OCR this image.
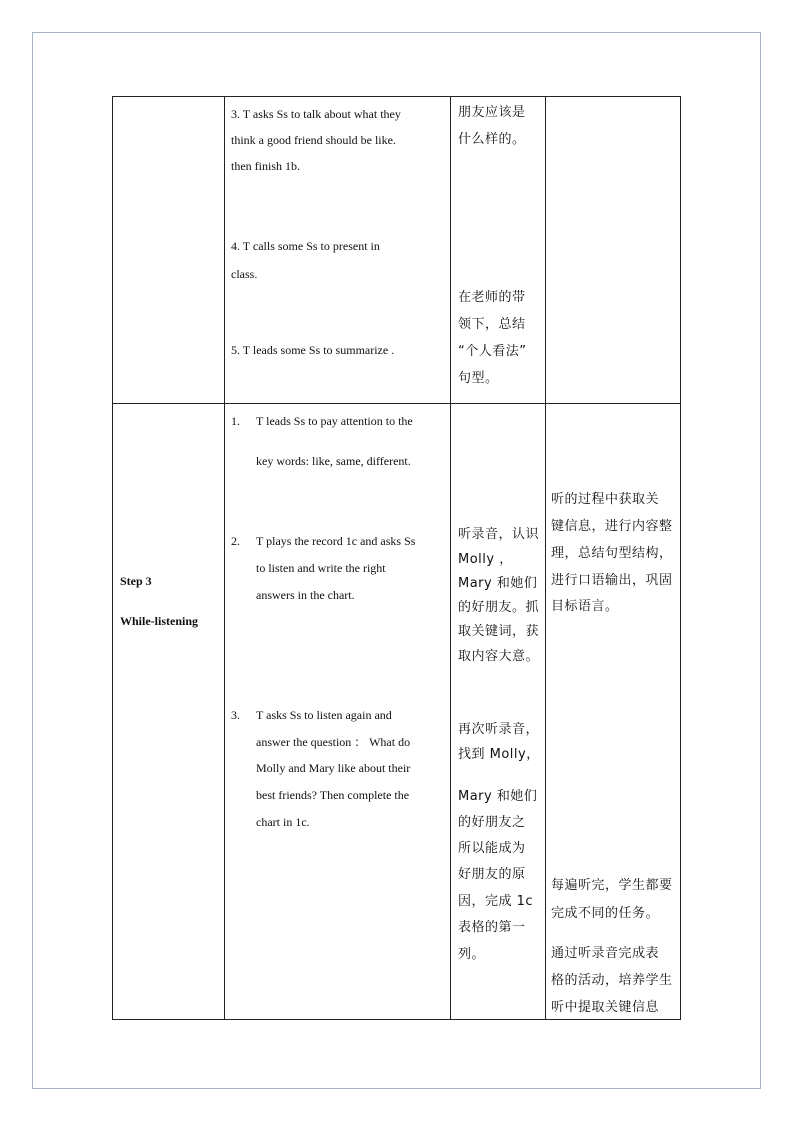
3. T asks Ss to talk about what they
think a good friend should be like.
then finish 1b.
4. T calls some Ss to present in
class.
5. T leads some Ss to summarize .
朋友应该是
什么样的。
在老师的带
领下，总结
“个人看法”
句型。
Step 3
While-listening
1. T leads Ss to pay attention to the
key words: like, same, different.
2. T plays the record 1c and asks Ss
to listen and write the right
answers in the chart.
3. T asks Ss to listen again and
answer the question ： What do
Molly and Mary like about their
best friends? Then complete the
chart in 1c.
听录音，认识
Molly ，
Mary 和她们
的好朋友。抓
取关键词，获
取内容大意。
再次听录音，
找到 Molly，
Mary 和她们
的好朋友之
所以能成为
好朋友的原
因，完成 1c
表格的第一
列。
听的过程中获取关
键信息，进行内容整
理，总结句型结构，
进行口语输出，巩固
目标语言。
每遍听完，学生都要
完成不同的任务。
通过听录音完成表
格的活动，培养学生
听中提取关键信息
